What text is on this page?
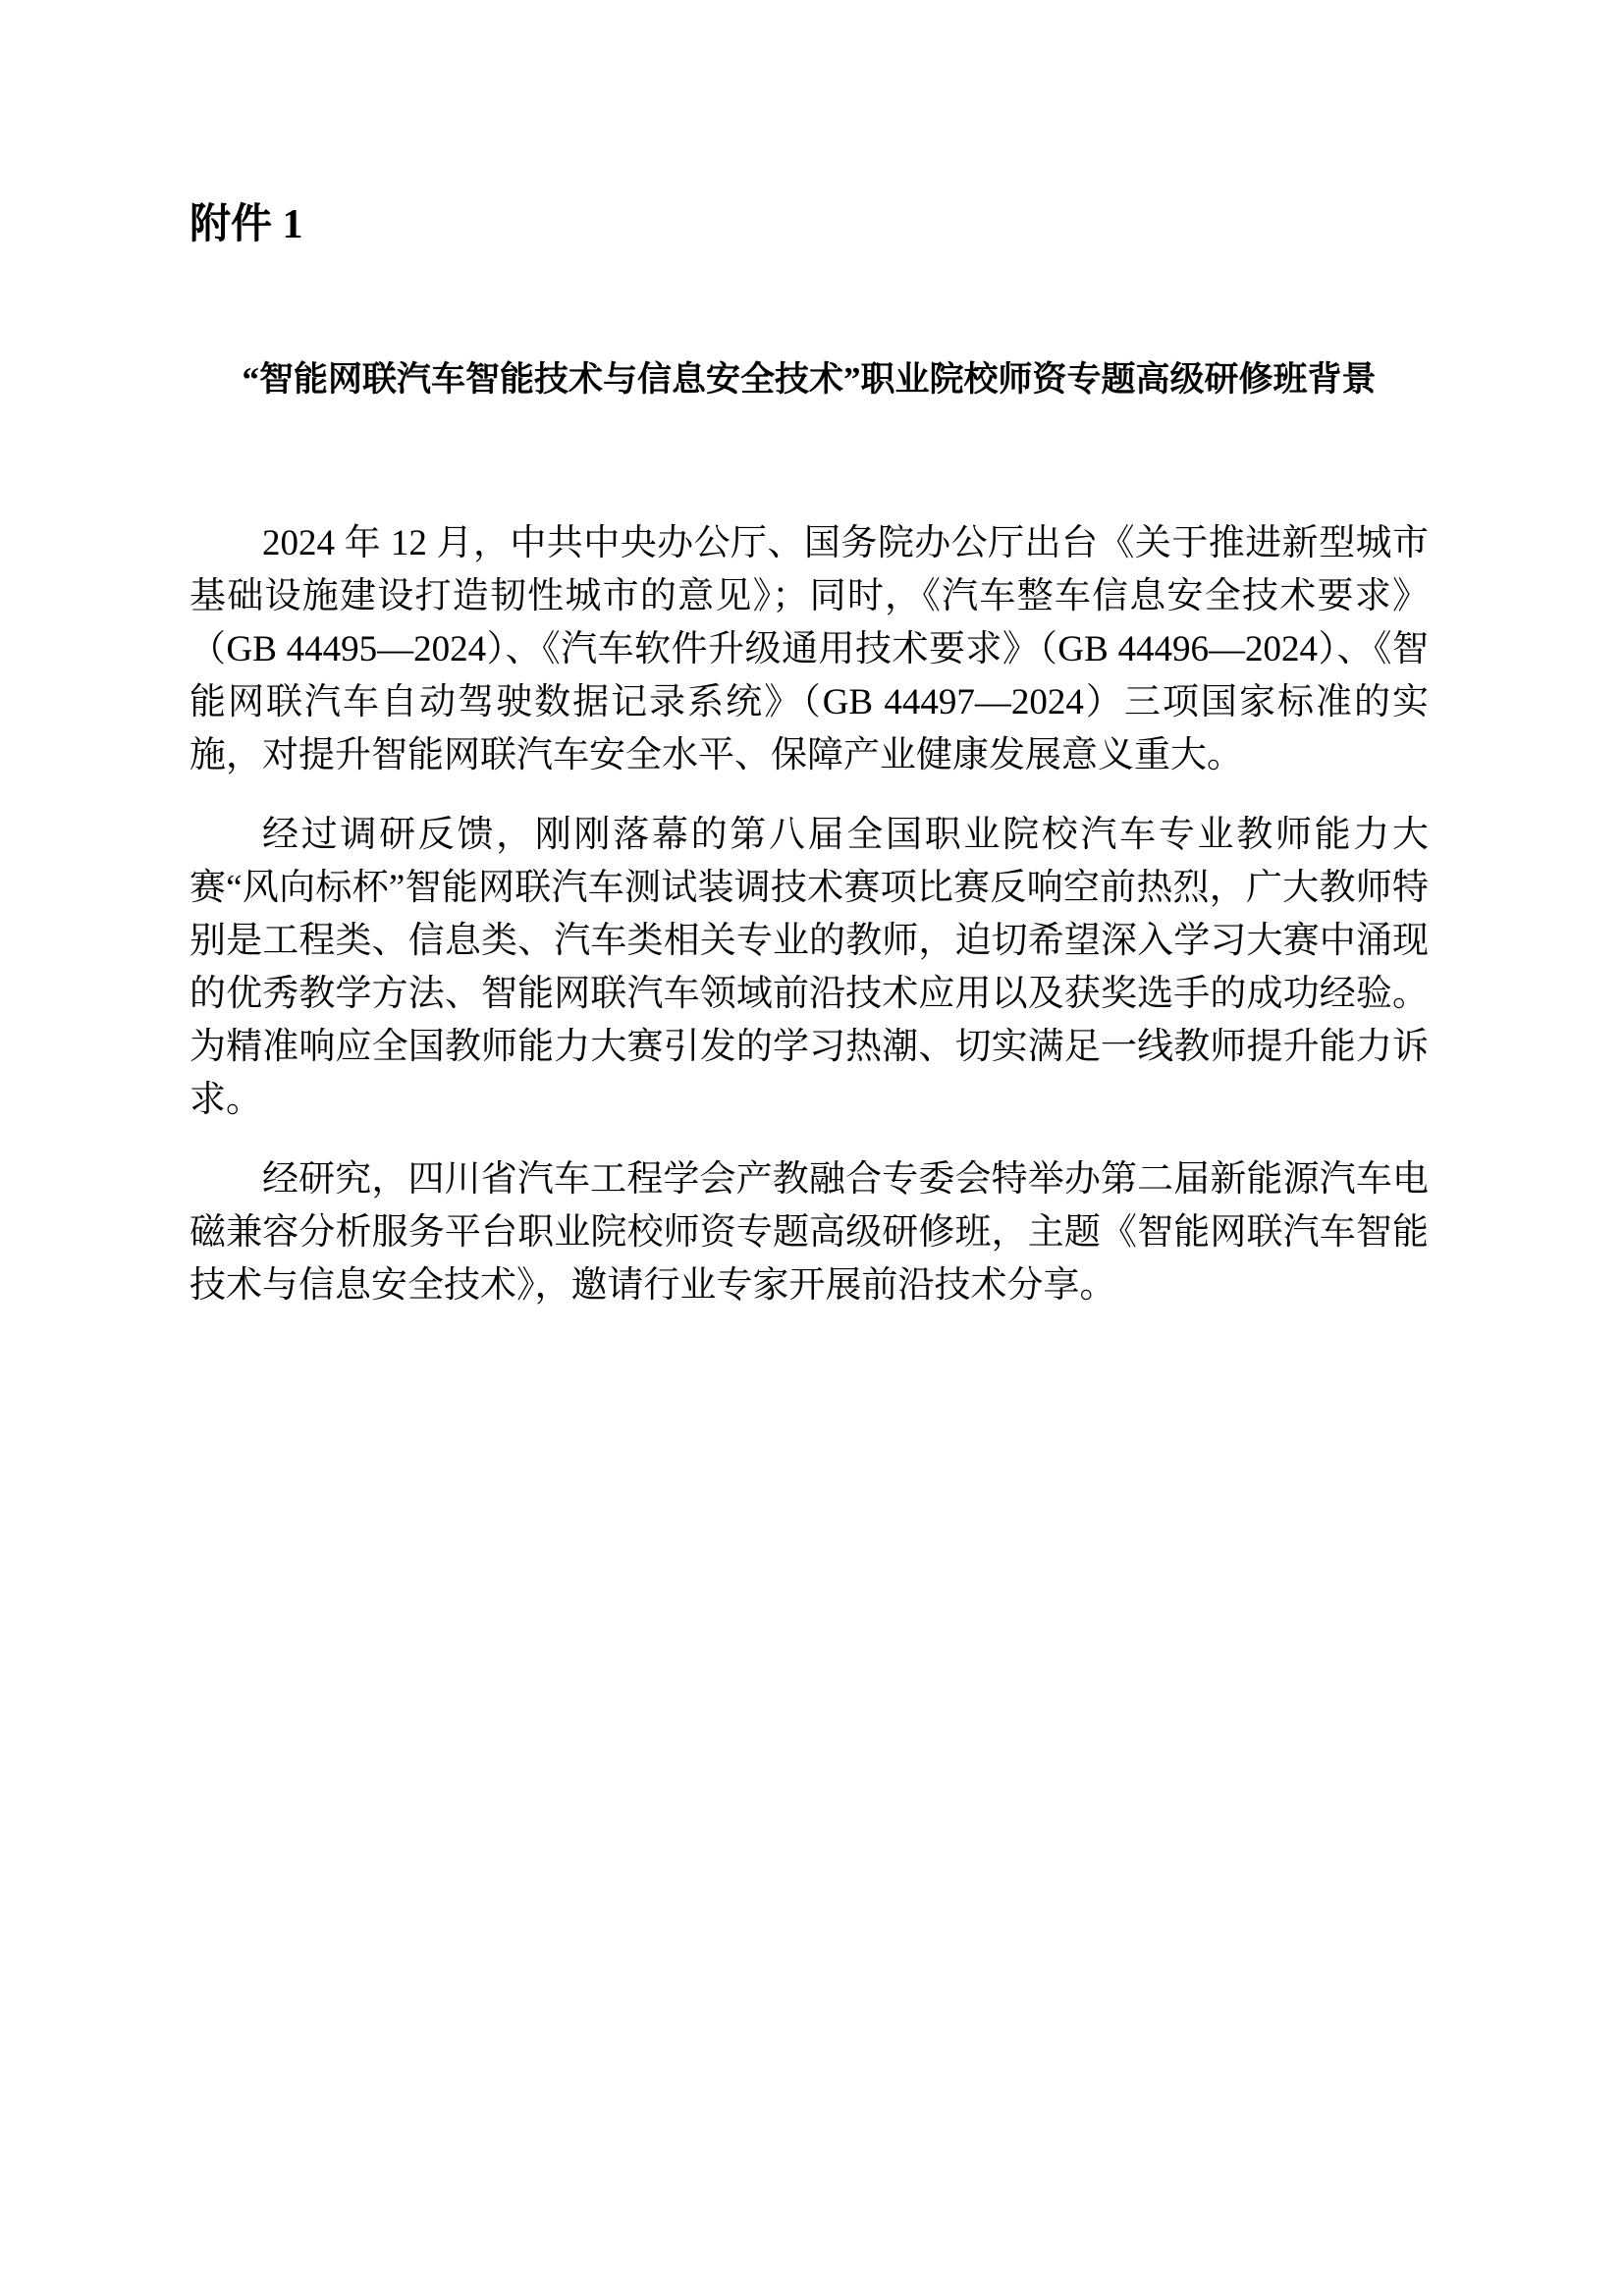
附件 1
“智能网联汽车智能技术与信息安全技术”职业院校师资专题高级研修班背景

2024 年 12 月，中共中央办公厅、国务院办公厅出台《关于推进新型城市基础设施建设打造韧性城市的意见》；同时，《汽车整车信息安全技术要求》（GB 44495—2024）、《汽车软件升级通用技术要求》（GB 44496—2024）、《智能网联汽车自动驾驶数据记录系统》（GB 44497—2024）三项国家标准的实施，对提升智能网联汽车安全水平、保障产业健康发展意义重大。

经过调研反馈，刚刚落幕的第八届全国职业院校汽车专业教师能力大赛“风向标杯”智能网联汽车测试装调技术赛项比赛反响空前热烈，广大教师特别是工程类、信息类、汽车类相关专业的教师，迫切希望深入学习大赛中涌现的优秀教学方法、智能网联汽车领域前沿技术应用以及获奖选手的成功经验。为精准响应全国教师能力大赛引发的学习热潮、切实满足一线教师提升能力诉求。

经研究，四川省汽车工程学会产教融合专委会特举办第二届新能源汽车电磁兼容分析服务平台职业院校师资专题高级研修班，主题《智能网联汽车智能技术与信息安全技术》，邀请行业专家开展前沿技术分享。
